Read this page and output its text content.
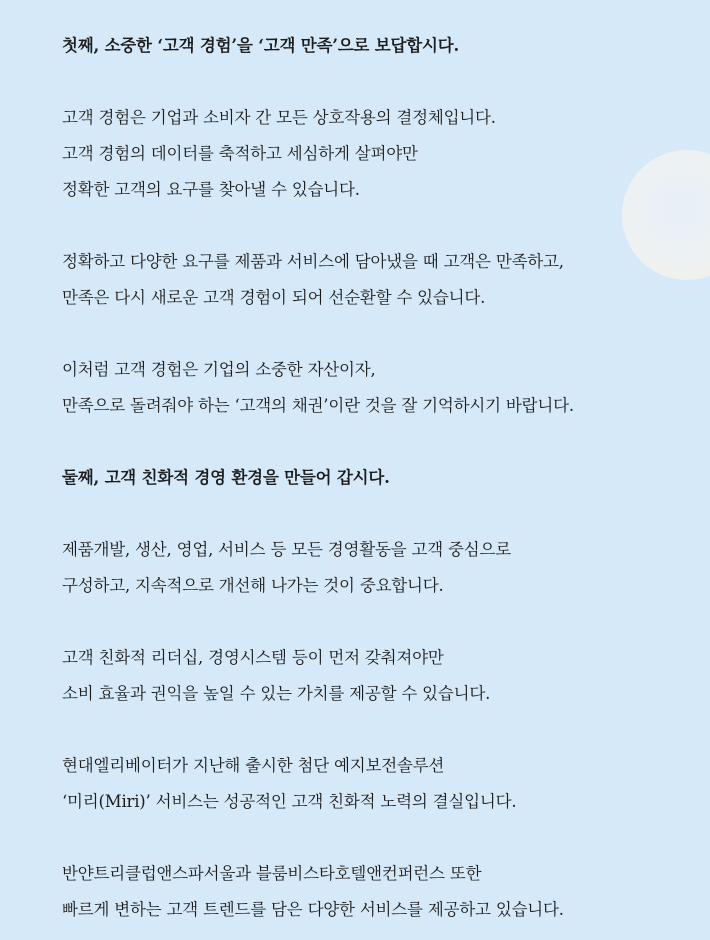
첫째, 소중한 ‘고객 경험’을 ‘고객 만족’으로 보답합시다.
고객 경험은 기업과 소비자 간 모든 상호작용의 결정체입니다.
고객 경험의 데이터를 축적하고 세심하게 살펴야만
정확한 고객의 요구를 찾아낼 수 있습니다.
정확하고 다양한 요구를 제품과 서비스에 담아냈을 때 고객은 만족하고,
만족은 다시 새로운 고객 경험이 되어 선순환할 수 있습니다.
이처럼 고객 경험은 기업의 소중한 자산이자,
만족으로 돌려줘야 하는 ‘고객의 채권’이란 것을 잘 기억하시기 바랍니다.
둘째, 고객 친화적 경영 환경을 만들어 갑시다.
제품개발, 생산, 영업, 서비스 등 모든 경영활동을 고객 중심으로
구성하고, 지속적으로 개선해 나가는 것이 중요합니다.
고객 친화적 리더십, 경영시스템 등이 먼저 갖춰져야만
소비 효율과 권익을 높일 수 있는 가치를 제공할 수 있습니다.
현대엘리베이터가 지난해 출시한 첨단 예지보전솔루션
‘미리(Miri)’ 서비스는 성공적인 고객 친화적 노력의 결실입니다.
반얀트리클럽앤스파서울과 블룸비스타호텔앤컨퍼런스 또한
빠르게 변하는 고객 트렌드를 담은 다양한 서비스를 제공하고 있습니다.
